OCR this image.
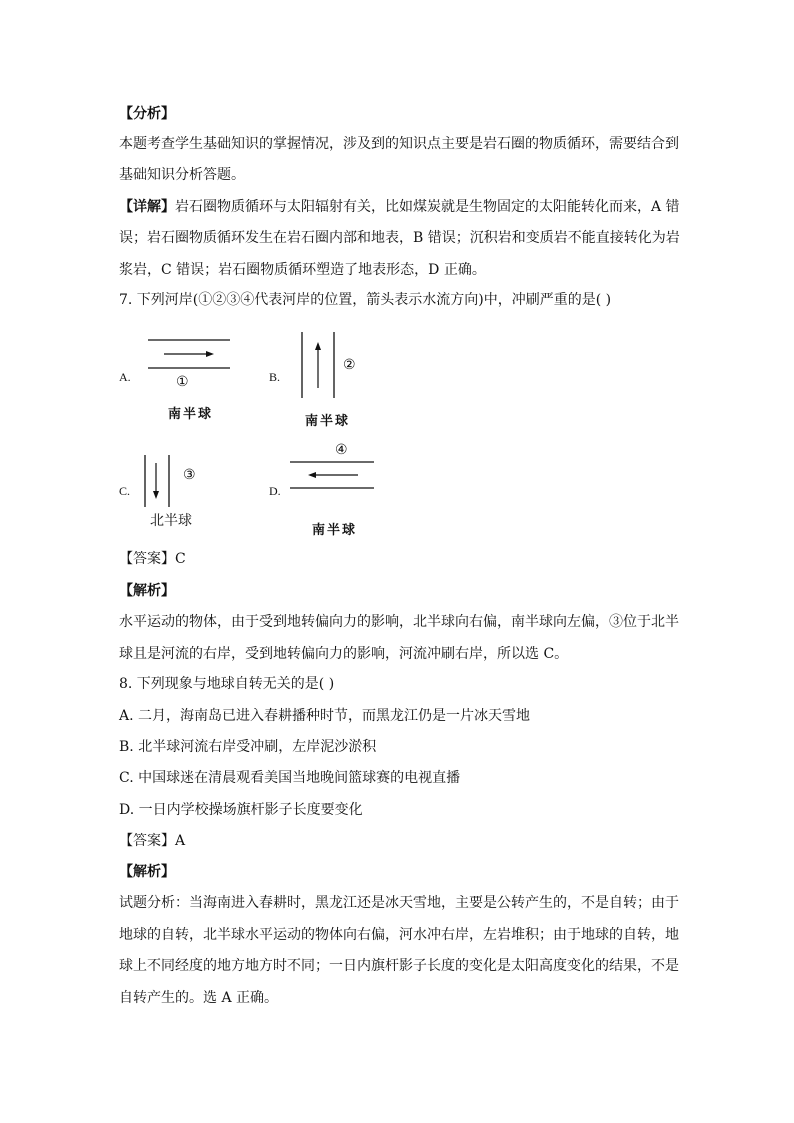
【分析】
本题考查学生基础知识的掌握情况，涉及到的知识点主要是岩石圈的物质循环，需要结合到
基础知识分析答题。
【详解】岩石圈物质循环与太阳辐射有关，比如煤炭就是生物固定的太阳能转化而来，A 错
误；岩石圈物质循环发生在岩石圈内部和地表，B 错误；沉积岩和变质岩不能直接转化为岩
浆岩，C 错误；岩石圈物质循环塑造了地表形态，D 正确。
7. 下列河岸(①②③④代表河岸的位置，箭头表示水流方向)中，冲刷严重的是( )
A.	①
南半球
B.
②
南半球
C.
③
北半球
D.
④
南半球
【答案】C
【解析】
水平运动的物体，由于受到地转偏向力的影响，北半球向右偏，南半球向左偏，③位于北半
球且是河流的右岸，受到地转偏向力的影响，河流冲刷右岸，所以选 C。
8. 下列现象与地球自转无关的是( )
A. 二月，海南岛已进入春耕播种时节，而黑龙江仍是一片冰天雪地
B. 北半球河流右岸受冲刷，左岸泥沙淤积
C. 中国球迷在清晨观看美国当地晚间篮球赛的电视直播
D. 一日内学校操场旗杆影子长度要变化
【答案】A
【解析】
试题分析：当海南进入春耕时，黑龙江还是冰天雪地，主要是公转产生的，不是自转；由于
地球的自转，北半球水平运动的物体向右偏，河水冲右岸，左岩堆积；由于地球的自转，地
球上不同经度的地方地方时不同；一日内旗杆影子长度的变化是太阳高度变化的结果，不是
自转产生的。选 A 正确。
